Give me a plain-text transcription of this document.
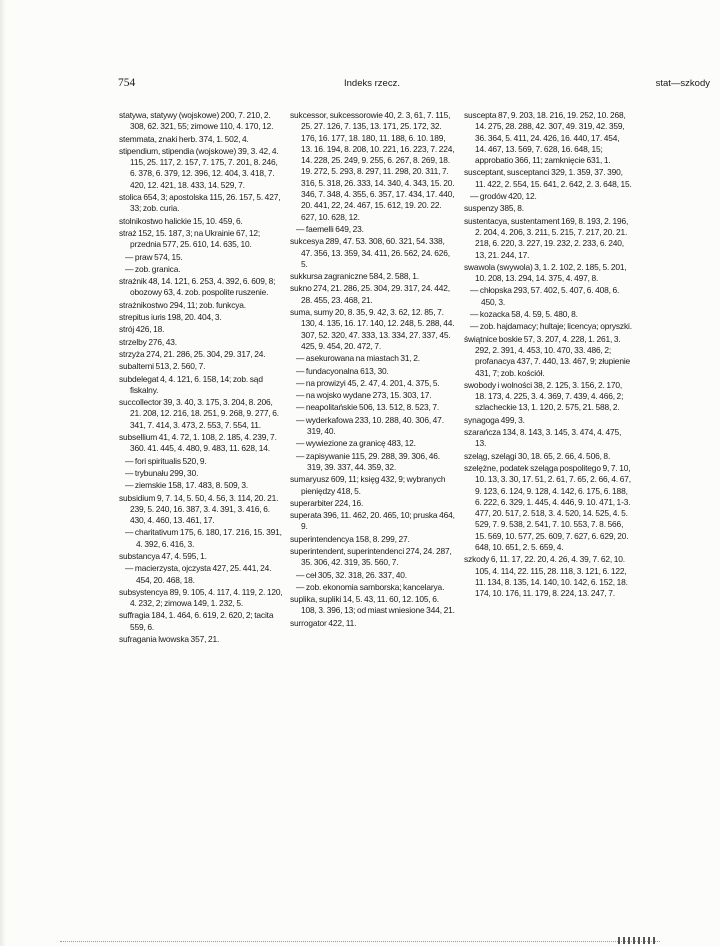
754	Indeks rzecz.	stat—szkody
statywa, statywy (wojskowe) 200, 7. 210, 2. 308, 62. 321, 55; zimowe 110, 4. 170, 12.
stemmata, znaki herb. 374, 1. 502, 4.
stipendium, stipendia (wojskowe) 39, 3. 42, 4. 115, 25. 117, 2. 157, 7. 175, 7. 201, 8. 246, 6. 378, 6. 379, 12. 396, 12. 404, 3. 418, 7. 420, 12. 421, 18. 433, 14. 529, 7.
stolica 654, 3; apostolska 115, 26. 157, 5. 427, 33; zob. curia.
stolnikostwo halickie 15, 10. 459, 6.
straż 152, 15. 187, 3; na Ukrainie 67, 12; przednia 577, 25. 610, 14. 635, 10.
— praw 574, 15.
— zob. granica.
strażnik 48, 14. 121, 6. 253, 4. 392, 6. 609, 8; obozowy 63, 4. zob. pospolite ruszenie.
strażnikostwo 294, 11; zob. funkcya.
strepitus iuris 198, 20. 404, 3.
strój 426, 18.
strzelby 276, 43.
strzyża 274, 21. 286, 25. 304, 29. 317, 24.
subalterni 513, 2. 560, 7.
subdelegat 4, 4. 121, 6. 158, 14; zob. sąd fiskalny.
succollector 39, 3. 40, 3. 175, 3. 204, 8. 206, 21. 208, 12. 216, 18. 251, 9. 268, 9. 277, 6. 341, 7. 414, 3. 473, 2. 553, 7. 554, 11.
subsellium 41, 4. 72, 1. 108, 2. 185, 4. 239, 7. 360. 41. 445, 4. 480, 9. 483, 11. 628, 14.
— fori spiritualis 520, 9.
— trybunału 299, 30.
— ziemskie 158, 17. 483, 8. 509, 3.
subsidium 9, 7. 14, 5. 50, 4. 56, 3. 114, 20. 21. 239, 5. 240, 16. 387, 3. 4. 391, 3. 416, 6. 430, 4. 460, 13. 461, 17.
— charitativum 175, 6. 180, 17. 216, 15. 391, 4. 392, 6. 416, 3.
substancya 47, 4. 595, 1.
— macierzysta, ojczysta 427, 25. 441, 24. 454, 20. 468, 18.
subsystencya 89, 9. 105, 4. 117, 4. 119, 2. 120, 4. 232, 2; zimowa 149, 1. 232, 5.
suffragia 184, 1. 464, 6. 619, 2. 620, 2; tacita 559, 6.
sufragania lwowska 357, 21.
sukcessor, sukcessorowie 40, 2. 3, 61, 7. 115, 25. 27. 126, 7. 135, 13. 171, 25. 172, 32. 176, 16. 177, 18. 180, 11. 188, 6. 10. 189, 13. 16. 194, 8. 208, 10. 221, 16. 223, 7. 224, 14. 228, 25. 249, 9. 255, 6. 267, 8. 269, 18. 19. 272, 5. 293, 8. 297, 11. 298, 20. 311, 7. 316, 5. 318, 26. 333, 14. 340, 4. 343, 15. 20. 346, 7. 348, 4. 355, 6. 357, 17. 434, 17. 440, 20. 441, 22, 24. 467, 15. 612, 19. 20. 22. 627, 10. 628, 12.
— faemelli 649, 23.
sukcesya 289, 47. 53. 308, 60. 321, 54. 338, 47. 356, 13. 359, 34. 411, 26. 562, 24. 626, 5.
sukkursa zagraniczne 584, 2. 588, 1.
sukno 274, 21. 286, 25. 304, 29. 317, 24. 442, 28. 455, 23. 468, 21.
suma, sumy 20, 8. 35, 9. 42, 3. 62, 12. 85, 7. 130, 4. 135, 16. 17. 140, 12. 248, 5. 288, 44. 307, 52. 320, 47. 333, 13. 334, 27. 337, 45. 425, 9. 454, 20. 472, 7.
— asekurowana na miastach 31, 2.
— fundacyonalna 613, 30.
— na prowizyi 45, 2. 47, 4. 201, 4. 375, 5.
— na wojsko wydane 273, 15. 303, 17.
— neapolitańskie 506, 13. 512, 8. 523, 7.
— wyderkafowa 233, 10. 288, 40. 306, 47. 319, 40.
— wywiezione za granicę 483, 12.
— zapisywanie 115, 29. 288, 39. 306, 46. 319, 39. 337, 44. 359, 32.
sumaryusz 609, 11; księg 432, 9; wybranych pieniędzy 418, 5.
superarbiter 224, 16.
superata 396, 11. 462, 20. 465, 10; pruska 464, 9.
superintendencya 158, 8. 299, 27.
superintendent, superintendenci 274, 24. 287, 35. 306, 42. 319, 35. 560, 7.
— ceł 305, 32. 318, 26. 337, 40.
— zob. ekonomia samborska; kancelarya.
suplika, supliki 14, 5. 43, 11. 60, 12. 105, 6. 108, 3. 396, 13; od miast wniesione 344, 21.
surrogator 422, 11.
suscepta 87, 9. 203, 18. 216, 19. 252, 10. 268, 14. 275, 28. 288, 42. 307, 49. 319, 42. 359, 36. 364, 5. 411, 24. 426, 16. 440, 17. 454, 14. 467, 13. 569, 7. 628, 16. 648, 15; approbatio 366, 11; zamknięcie 631, 1.
susceptant, susceptanci 329, 1. 359, 37. 390, 11. 422, 2. 554, 15. 641, 2. 642, 2. 3. 648, 15.
— grodów 420, 12.
suspenzy 385, 8.
sustentacya, sustentament 169, 8. 193, 2. 196, 2. 204, 4. 206, 3. 211, 5. 215, 7. 217, 20. 21. 218, 6. 220, 3. 227, 19. 232, 2. 233, 6. 240, 13, 21. 244, 17.
swawola (swywola) 3, 1. 2. 102, 2. 185, 5. 201, 10. 208, 13. 294, 14. 375, 4. 497, 8.
— chłopska 293, 57. 402, 5. 407, 6. 408, 6. 450, 3.
— kozacka 58, 4. 59, 5. 480, 8.
— zob. hajdamacy; hultaje; licencya; opryszki.
świątnice boskie 57, 3. 207, 4. 228, 1. 261, 3. 292, 2. 391, 4. 453, 10. 470, 33. 486, 2; profanacya 437, 7. 440, 13. 467, 9; złupienie 431, 7; zob. kościół.
swobody i wolności 38, 2. 125, 3. 156, 2. 170, 18. 173, 4. 225, 3. 4. 369, 7. 439, 4. 466, 2; szlacheckie 13, 1. 120, 2. 575, 21. 588, 2.
synagoga 499, 3.
szarańcza 134, 8. 143, 3. 145, 3. 474, 4. 475, 13.
szeląg, szelągi 30, 18. 65, 2. 66, 4. 506, 8.
szelężne, podatek szeląga pospolitego 9, 7. 10, 10. 13, 3. 30, 17. 51, 2. 61, 7. 65, 2. 66, 4. 67, 9. 123, 6. 124, 9. 128, 4. 142, 6. 175, 6. 188, 6. 222, 6. 329, 1. 445, 4. 446, 9. 10. 471, 1-3. 477, 20. 517, 2. 518, 3. 4. 520, 14. 525, 4. 5. 529, 7. 9. 538, 2. 541, 7. 10. 553, 7. 8. 566, 15. 569, 10. 577, 25. 609, 7. 627, 6. 629, 20. 648, 10. 651, 2. 5. 659, 4.
szkody 6, 11. 17, 22. 20, 4. 26, 4. 39, 7. 62, 10. 105, 4. 114, 22. 115, 28. 118, 3. 121, 6. 122, 11. 134, 8. 135, 14. 140, 10. 142, 6. 152, 18. 174, 10. 176, 11. 179, 8. 224, 13. 247, 7.
